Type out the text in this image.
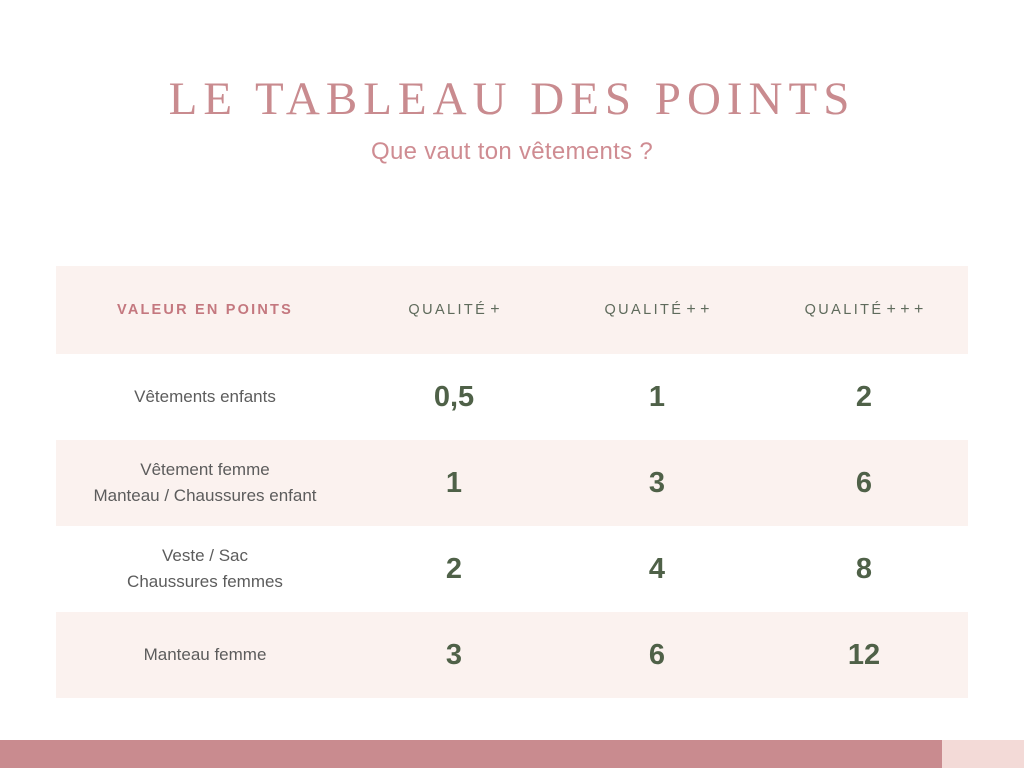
LE TABLEAU DES POINTS

Que vaut ton vêtements ?

VALEUR EN POINTS	QUALITÉ +	QUALITÉ + +	QUALITÉ + + +

Vêtements enfants	0,5	1	2

Vêtement femme
Manteau / Chaussures enfant	1	3	6

Veste / Sac
Chaussures femmes	2	4	8

Manteau femme	3	6	12
